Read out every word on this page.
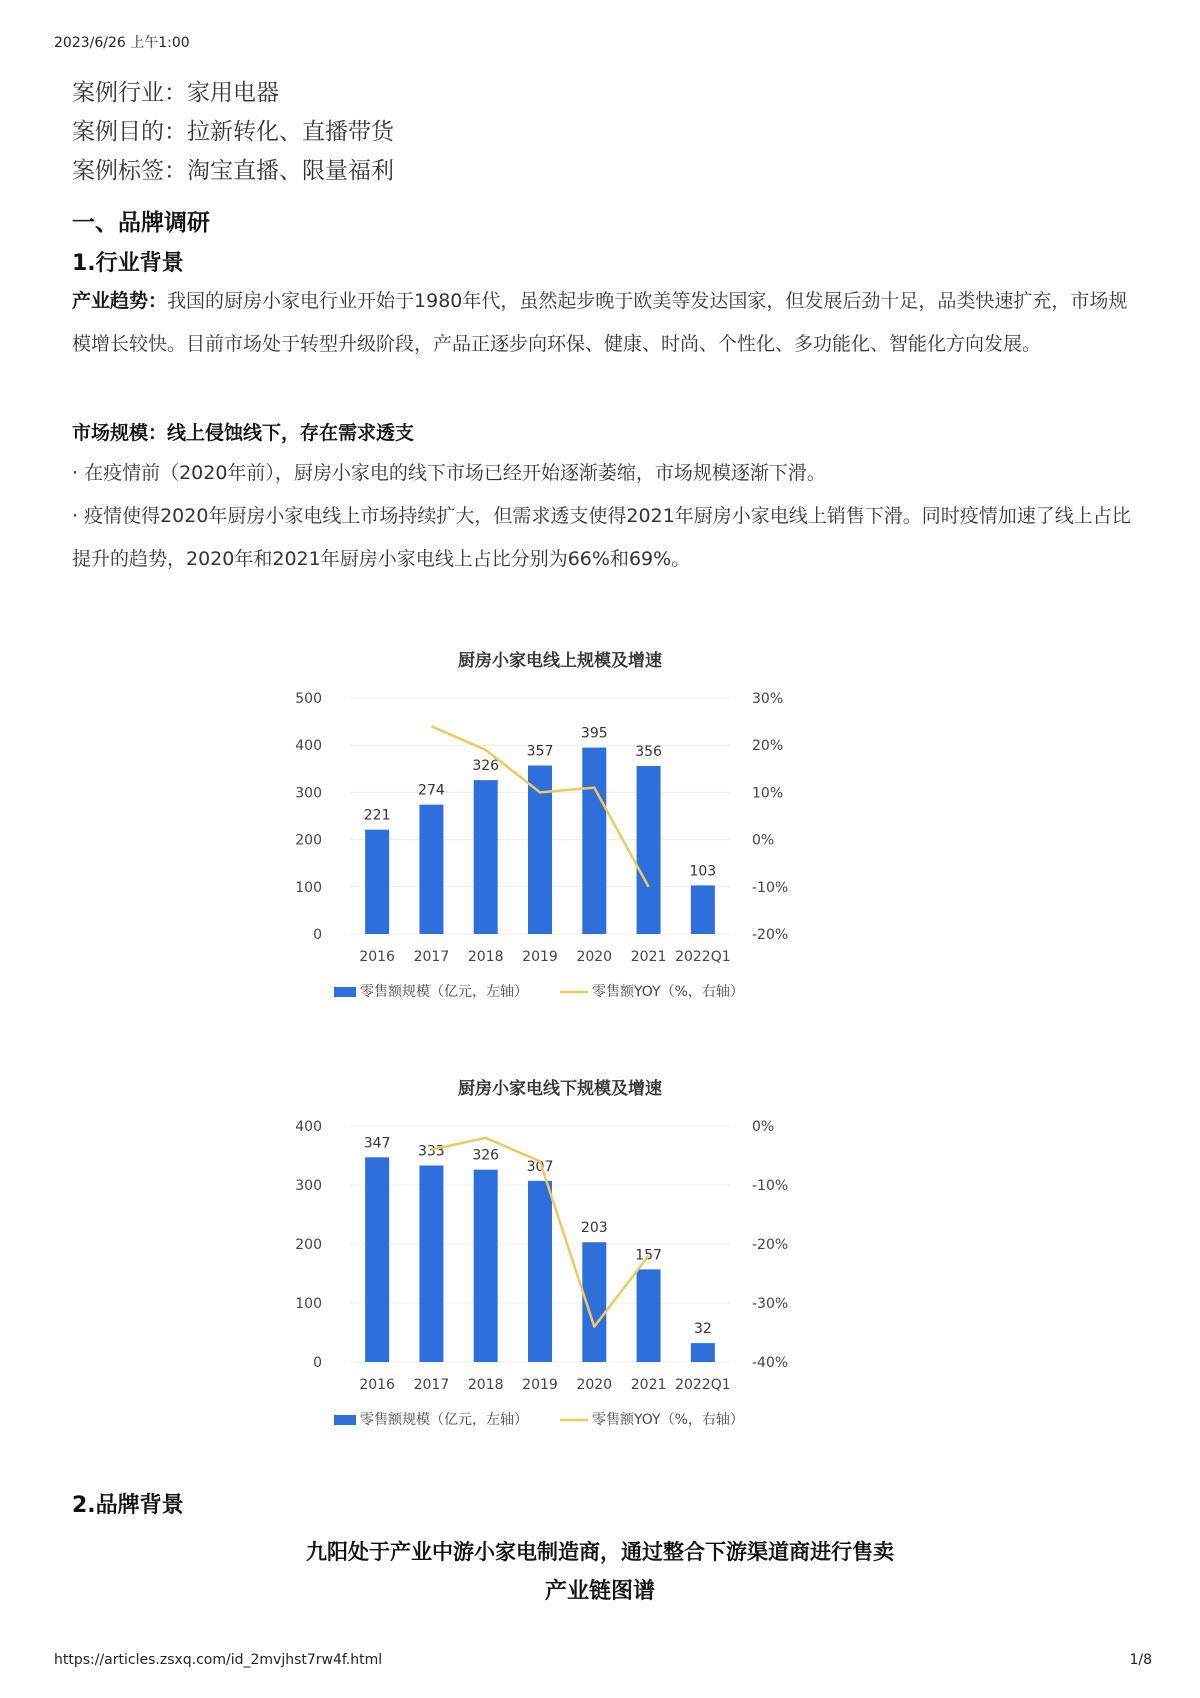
2023/6/26 上午1:00
案例行业：家用电器
案例目的：拉新转化、直播带货
案例标签：淘宝直播、限量福利
一、品牌调研
1.行业背景
产业趋势：我国的厨房小家电行业开始于1980年代，虽然起步晚于欧美等发达国家，但发展后劲十足，品类快速扩充，市场规模增长较快。目前市场处于转型升级阶段，产品正逐步向环保、健康、时尚、个性化、多功能化、智能化方向发展。
市场规模：线上侵蚀线下，存在需求透支
· 在疫情前（2020年前），厨房小家电的线下市场已经开始逐渐萎缩，市场规模逐渐下滑。
· 疫情使得2020年厨房小家电线上市场持续扩大，但需求透支使得2021年厨房小家电线上销售下滑。同时疫情加速了线上占比提升的趋势，2020年和2021年厨房小家电线上占比分别为66%和69%。
厨房小家电线上规模及增速
0
100
200
300
400
500
-20%
-10%
0%
10%
20%
30%
221
2016
274
2017
326
2018
357
2019
395
2020
356
2021
103
2022Q1
零售额规模（亿元，左轴）	零售额YOY（%，右轴）
厨房小家电线下规模及增速
0
100
200
300
400
-40%
-30%
-20%
-10%
0%
347
2016
333
2017
326
2018
307
2019
203
2020
157
2021
32
2022Q1
零售额规模（亿元，左轴）	零售额YOY（%，右轴）
2.品牌背景
九阳处于产业中游小家电制造商，通过整合下游渠道商进行售卖
产业链图谱
https://articles.zsxq.com/id_2mvjhst7rw4f.html	1/8
